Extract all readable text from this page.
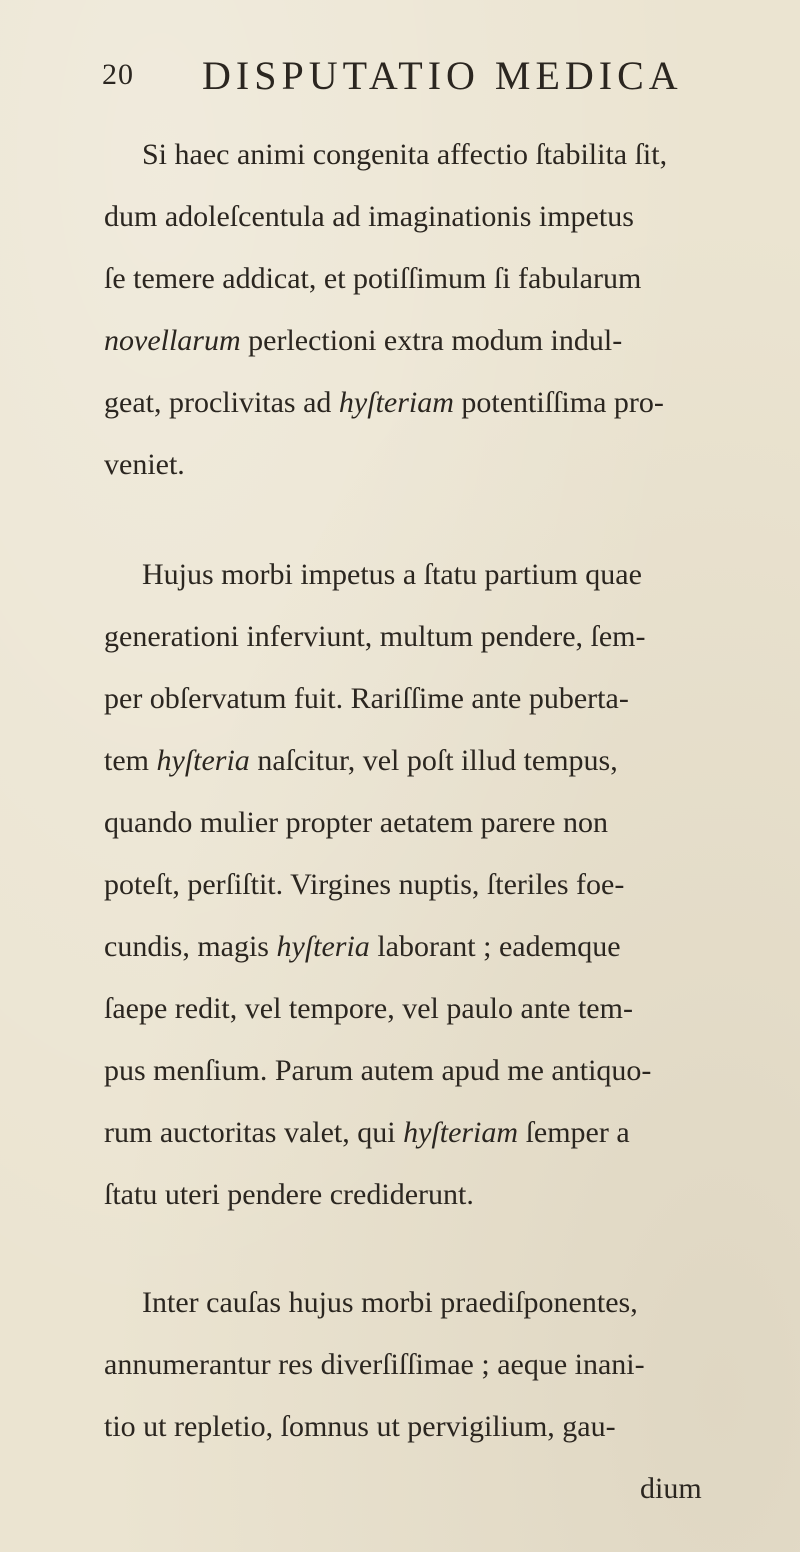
20 DISPUTATIO MEDICA
Si haec animi congenita affectio ſtabilita ſit,
dum adoleſcentula ad imaginationis impetus
ſe temere addicat, et potiſſimum ſi fabularum
novellarum perlectioni extra modum indul-
geat, proclivitas ad hyſteriam potentiſſima pro-
veniet.
Hujus morbi impetus a ſtatu partium quae
generationi inferviunt, multum pendere, ſem-
per obſervatum fuit. Rariſſime ante puberta-
tem hyſteria naſcitur, vel poſt illud tempus,
quando mulier propter aetatem parere non
poteſt, perſiſtit. Virgines nuptis, ſteriles foe-
cundis, magis hyſteria laborant ; eademque
ſaepe redit, vel tempore, vel paulo ante tem-
pus menſium. Parum autem apud me antiquo-
rum auctoritas valet, qui hyſteriam ſemper a
ſtatu uteri pendere crediderunt.
Inter cauſas hujus morbi praediſponentes,
annumerantur res diverſiſſimae ; aeque inani-
tio ut repletio, ſomnus ut pervigilium, gau-
dium
